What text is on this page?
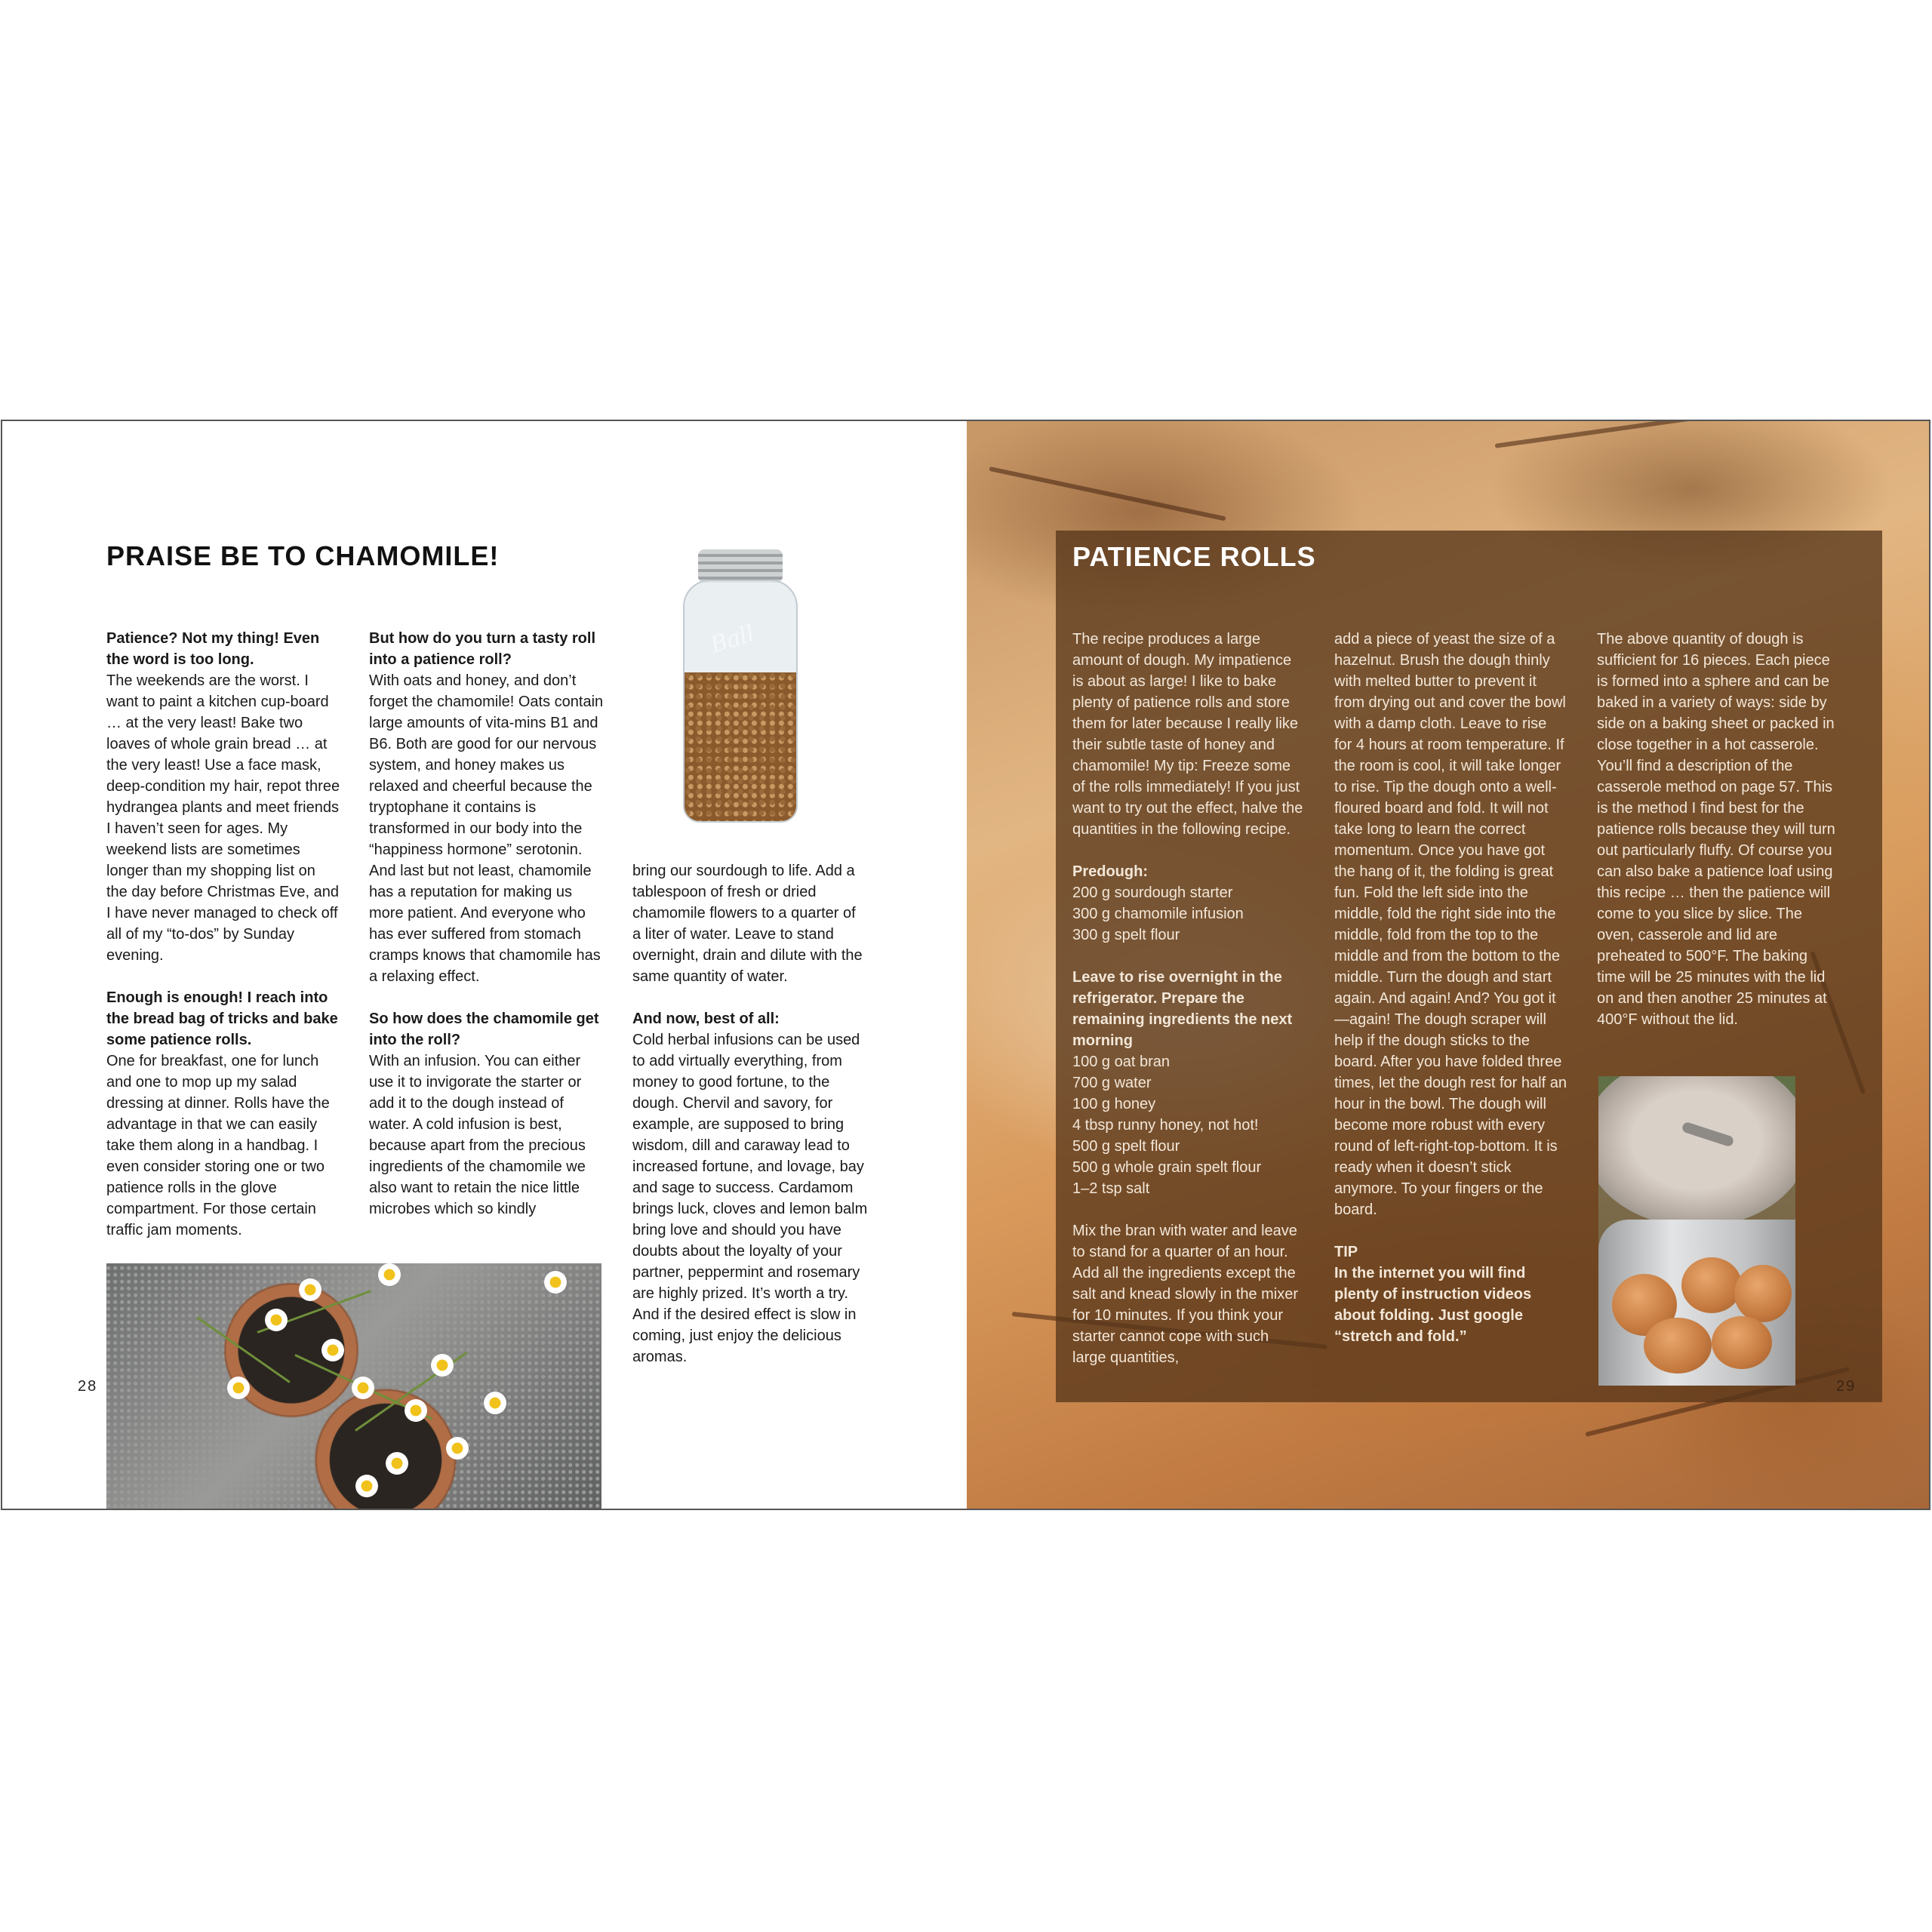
PRAISE BE TO CHAMOMILE!

Patience? Not my thing! Even the word is too long.
The weekends are the worst. I want to paint a kitchen cup-board … at the very least! Bake two loaves of whole grain bread … at the very least! Use a face mask, deep-condition my hair, repot three hydrangea plants and meet friends I haven’t seen for ages. My weekend lists are sometimes longer than my shopping list on the day before Christmas Eve, and I have never managed to check off all of my “to-dos” by Sunday evening.

Enough is enough! I reach into the bread bag of tricks and bake some patience rolls.
One for breakfast, one for lunch and one to mop up my salad dressing at dinner. Rolls have the advantage in that we can easily take them along in a handbag. I even consider storing one or two patience rolls in the glove compartment. For those certain traffic jam moments.

But how do you turn a tasty roll into a patience roll?
With oats and honey, and don’t forget the chamomile! Oats contain large amounts of vita-mins B1 and B6. Both are good for our nervous system, and honey makes us relaxed and cheerful because the tryptophane it contains is transformed in our body into the “happiness hormone” serotonin. And last but not least, chamomile has a reputation for making us more patient. And everyone who has ever suffered from stomach cramps knows that chamomile has a relaxing effect.

So how does the chamomile get into the roll?
With an infusion. You can either use it to invigorate the starter or add it to the dough instead of water. A cold infusion is best, because apart from the precious ingredients of the chamomile we also want to retain the nice little microbes which so kindly

Ball

bring our sourdough to life. Add a tablespoon of fresh or dried chamomile flowers to a quarter of a liter of water. Leave to stand overnight, drain and dilute with the same quantity of water.

And now, best of all:
Cold herbal infusions can be used to add virtually everything, from money to good fortune, to the dough. Chervil and savory, for example, are supposed to bring wisdom, dill and caraway lead to increased fortune, and lovage, bay and sage to success. Cardamom brings luck, cloves and lemon balm bring love and should you have doubts about the loyalty of your partner, peppermint and rosemary are highly prized. It’s worth a try. And if the desired effect is slow in coming, just enjoy the delicious aromas.

28
PATIENCE ROLLS

The recipe produces a large amount of dough. My impatience is about as large! I like to bake plenty of patience rolls and store them for later because I really like their subtle taste of honey and chamomile! My tip: Freeze some of the rolls immediately! If you just want to try out the effect, halve the quantities in the following recipe.

Predough:
200 g sourdough starter
300 g chamomile infusion
300 g spelt flour

Leave to rise overnight in the refrigerator. Prepare the remaining ingredients the next morning
100 g oat bran
700 g water
100 g honey
4 tbsp runny honey, not hot!
500 g spelt flour
500 g whole grain spelt flour
1–2 tsp salt

Mix the bran with water and leave to stand for a quarter of an hour. Add all the ingredients except the salt and knead slowly in the mixer for 10 minutes. If you think your starter cannot cope with such large quantities,

add a piece of yeast the size of a hazelnut. Brush the dough thinly with melted butter to prevent it from drying out and cover the bowl with a damp cloth. Leave to rise for 4 hours at room temperature. If the room is cool, it will take longer to rise. Tip the dough onto a well-floured board and fold. It will not take long to learn the correct momentum. Once you have got the hang of it, the folding is great fun. Fold the left side into the middle, fold the right side into the middle, fold from the top to the middle and from the bottom to the middle. Turn the dough and start again. And again! And? You got it—again! The dough scraper will help if the dough sticks to the board. After you have folded three times, let the dough rest for half an hour in the bowl. The dough will become more robust with every round of left-right-top-bottom. It is ready when it doesn’t stick anymore. To your fingers or the board.

TIP
In the internet you will find plenty of instruction videos about folding. Just google “stretch and fold.”

The above quantity of dough is sufficient for 16 pieces. Each piece is formed into a sphere and can be baked in a variety of ways: side by side on a baking sheet or packed in close together in a hot casserole. You’ll find a description of the casserole method on page 57. This is the method I find best for the patience rolls because they will turn out particularly fluffy. Of course you can also bake a patience loaf using this recipe … then the patience will come to you slice by slice. The oven, casserole and lid are preheated to 500°F. The baking time will be 25 minutes with the lid on and then another 25 minutes at 400°F without the lid.

29
